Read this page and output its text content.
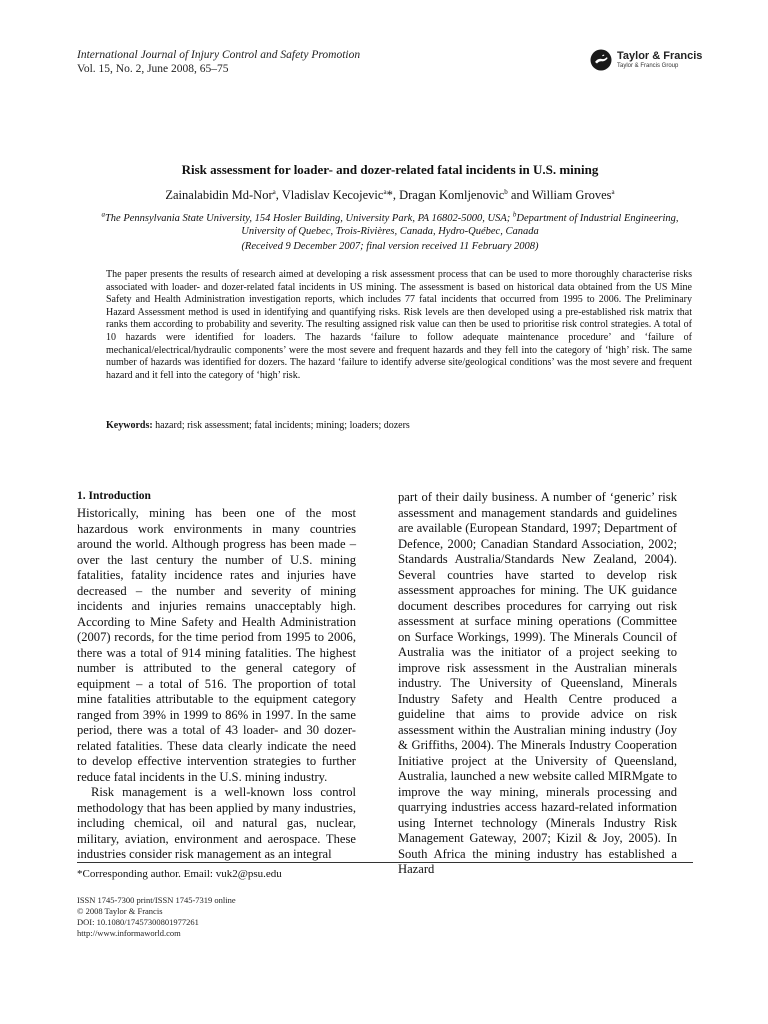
International Journal of Injury Control and Safety Promotion
Vol. 15, No. 2, June 2008, 65–75
Taylor & Francis
Taylor & Francis Group
Risk assessment for loader- and dozer-related fatal incidents in U.S. mining
Zainalabidin Md-Nor$^a$, Vladislav Kecojevic$^a$*, Dragan Komljenovic$^b$ and William Groves$^a$
$^a$The Pennsylvania State University, 154 Hosler Building, University Park, PA 16802-5000, USA; $^b$Department of Industrial Engineering, University of Quebec, Trois-Rivières, Canada, Hydro-Québec, Canada
(Received 9 December 2007; final version received 11 February 2008)
The paper presents the results of research aimed at developing a risk assessment process that can be used to more thoroughly characterise risks associated with loader- and dozer-related fatal incidents in US mining. The assessment is based on historical data obtained from the US Mine Safety and Health Administration investigation reports, which includes 77 fatal incidents that occurred from 1995 to 2006. The Preliminary Hazard Assessment method is used in identifying and quantifying risks. Risk levels are then developed using a pre-established risk matrix that ranks them according to probability and severity. The resulting assigned risk value can then be used to prioritise risk control strategies. A total of 10 hazards were identified for loaders. The hazards ‘failure to follow adequate maintenance procedure’ and ‘failure of mechanical/electrical/hydraulic components’ were the most severe and frequent hazards and they fell into the category of ‘high’ risk. The same number of hazards was identified for dozers. The hazard ‘failure to identify adverse site/geological conditions’ was the most severe and frequent hazard and it fell into the category of ‘high’ risk.
Keywords: hazard; risk assessment; fatal incidents; mining; loaders; dozers
1. Introduction

Historically, mining has been one of the most hazardous work environments in many countries around the world. Although progress has been made – over the last century the number of U.S. mining fatalities, fatality incidence rates and injuries have decreased – the number and severity of mining incidents and injuries remains unacceptably high. According to Mine Safety and Health Administration (2007) records, for the time period from 1995 to 2006, there was a total of 914 mining fatalities. The highest number is attributed to the general category of equipment – a total of 516. The proportion of total mine fatalities attributable to the equipment category ranged from 39% in 1999 to 86% in 1997. In the same period, there was a total of 43 loader- and 30 dozer-related fatalities. These data clearly indicate the need to develop effective intervention strategies to further reduce fatal incidents in the U.S. mining industry.

Risk management is a well-known loss control methodology that has been applied by many industries, including chemical, oil and natural gas, nuclear, military, aviation, environment and aerospace. These industries consider risk management as an integral

part of their daily business. A number of ‘generic’ risk assessment and management standards and guidelines are available (European Standard, 1997; Department of Defence, 2000; Canadian Standard Association, 2002; Standards Australia/Standards New Zealand, 2004). Several countries have started to develop risk assessment approaches for mining. The UK guidance document describes procedures for carrying out risk assessment at surface mining operations (Committee on Surface Workings, 1999). The Minerals Council of Australia was the initiator of a project seeking to improve risk assessment in the Australian minerals industry. The University of Queensland, Minerals Industry Safety and Health Centre produced a guideline that aims to provide advice on risk assessment within the Australian mining industry (Joy & Griffiths, 2004). The Minerals Industry Cooperation Initiative project at the University of Queensland, Australia, launched a new website called MIRMgate to improve the way mining, minerals processing and quarrying industries access hazard-related information using Internet technology (Minerals Industry Risk Management Gateway, 2007; Kizil & Joy, 2005). In South Africa the mining industry has established a Hazard

*Corresponding author. Email: vuk2@psu.edu
ISSN 1745-7300 print/ISSN 1745-7319 online
© 2008 Taylor & Francis
DOI: 10.1080/17457300801977261
http://www.informaworld.com
